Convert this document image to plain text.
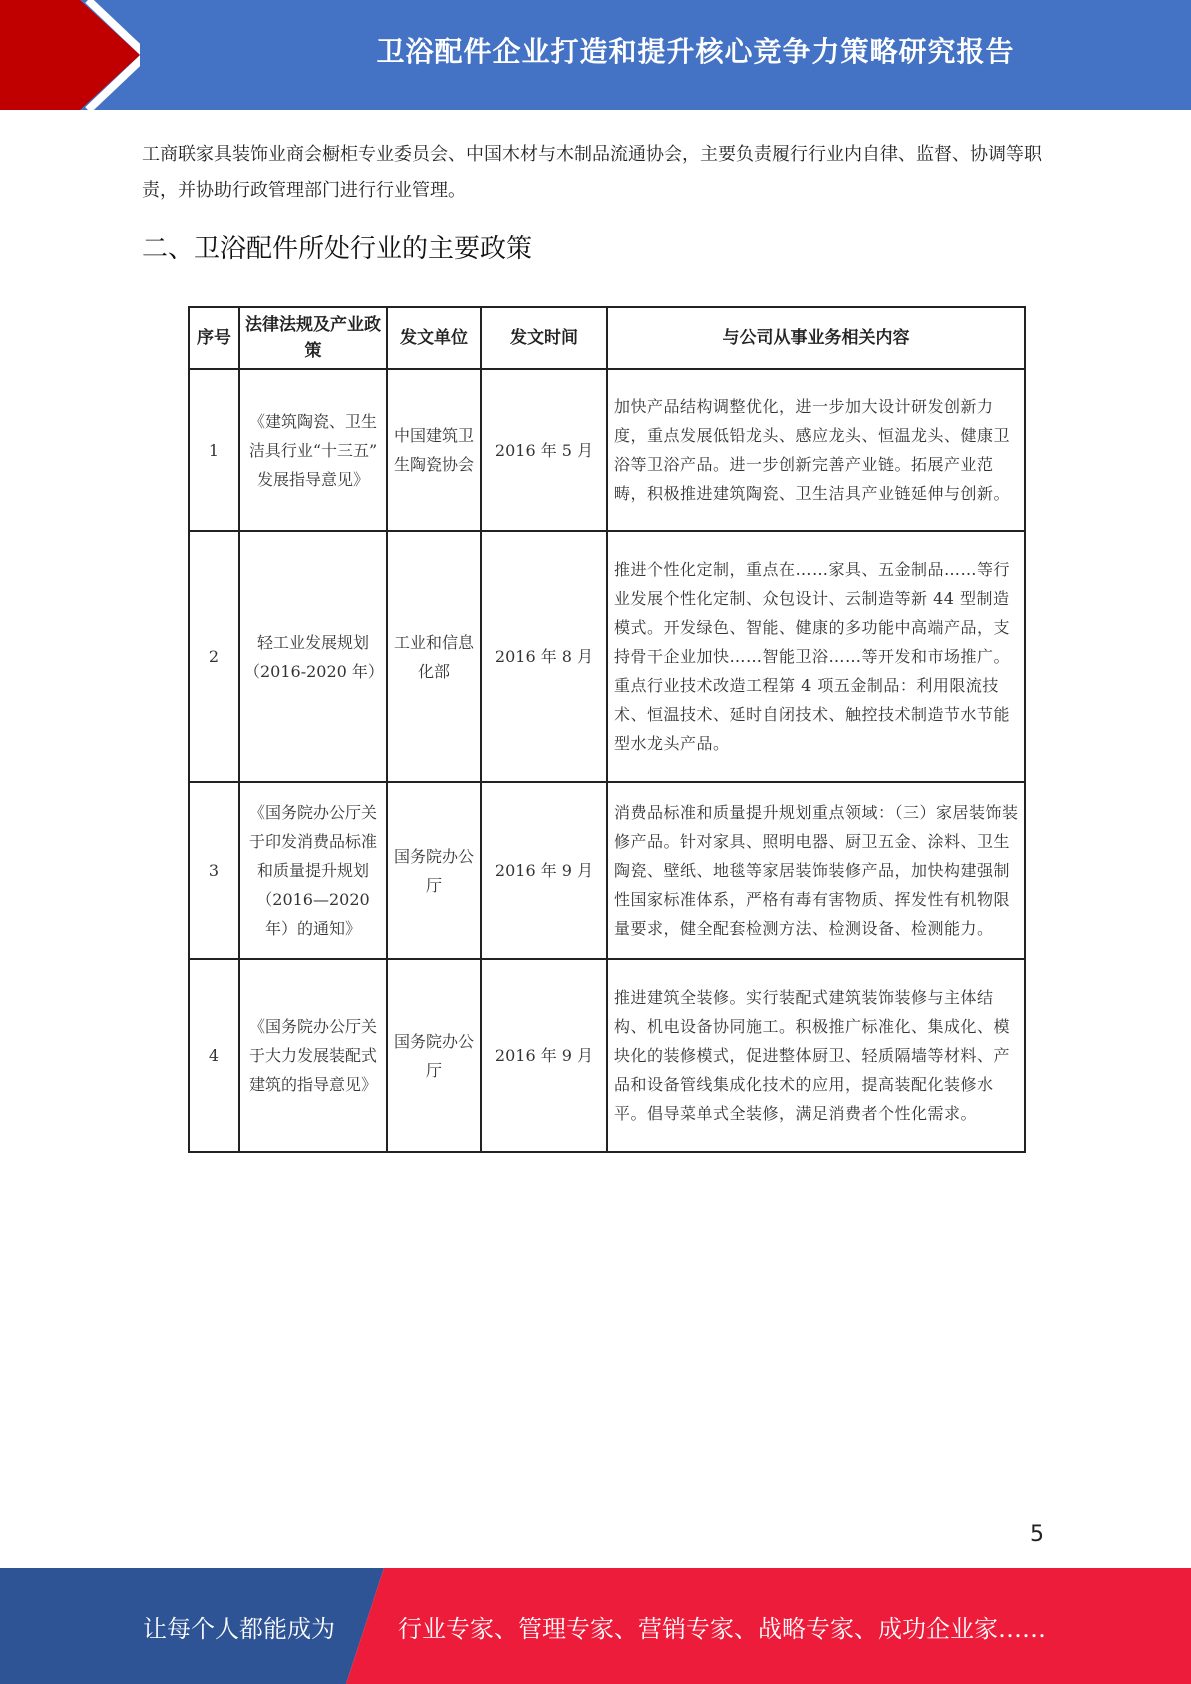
卫浴配件企业打造和提升核心竞争力策略研究报告
工商联家具装饰业商会橱柜专业委员会、中国木材与木制品流通协会，主要负责履行行业内自律、监督、协调等职责，并协助行政管理部门进行行业管理。
二、卫浴配件所处行业的主要政策
序号	法律法规及产业政策	发文单位	发文时间	与公司从事业务相关内容
1	《建筑陶瓷、卫生洁具行业“十三五” 发展指导意见》	中国建筑卫生陶瓷协会	2016 年 5 月	加快产品结构调整优化，进一步加大设计研发创新力度，重点发展低铅龙头、感应龙头、恒温龙头、健康卫浴等卫浴产品。进一步创新完善产业链。拓展产业范畴，积极推进建筑陶瓷、卫生洁具产业链延伸与创新。
2	轻工业发展规划（2016-2020 年）	工业和信息化部	2016 年 8 月	推进个性化定制，重点在……家具、五金制品……等行业发展个性化定制、众包设计、云制造等新 44 型制造模式。开发绿色、智能、健康的多功能中高端产品，支持骨干企业加快……智能卫浴……等开发和市场推广。重点行业技术改造工程第 4 项五金制品：利用限流技术、恒温技术、延时自闭技术、触控技术制造节水节能型水龙头产品。
3	《国务院办公厅关于印发消费品标准和质量提升规划 （2016—2020 年）的通知》	国务院办公厅	2016 年 9 月	消费品标准和质量提升规划重点领域：（三）家居装饰装修产品。针对家具、照明电器、厨卫五金、涂料、卫生陶瓷、壁纸、地毯等家居装饰装修产品，加快构建强制性国家标准体系，严格有毒有害物质、挥发性有机物限量要求，健全配套检测方法、检测设备、检测能力。
4	《国务院办公厅关于大力发展装配式建筑的指导意见》	国务院办公厅	2016 年 9 月	推进建筑全装修。实行装配式建筑装饰装修与主体结构、机电设备协同施工。积极推广标准化、集成化、模块化的装修模式，促进整体厨卫、轻质隔墙等材料、产品和设备管线集成化技术的应用，提高装配化装修水平。倡导菜单式全装修，满足消费者个性化需求。
5
让每个人都能成为	行业专家、管理专家、营销专家、战略专家、成功企业家……
